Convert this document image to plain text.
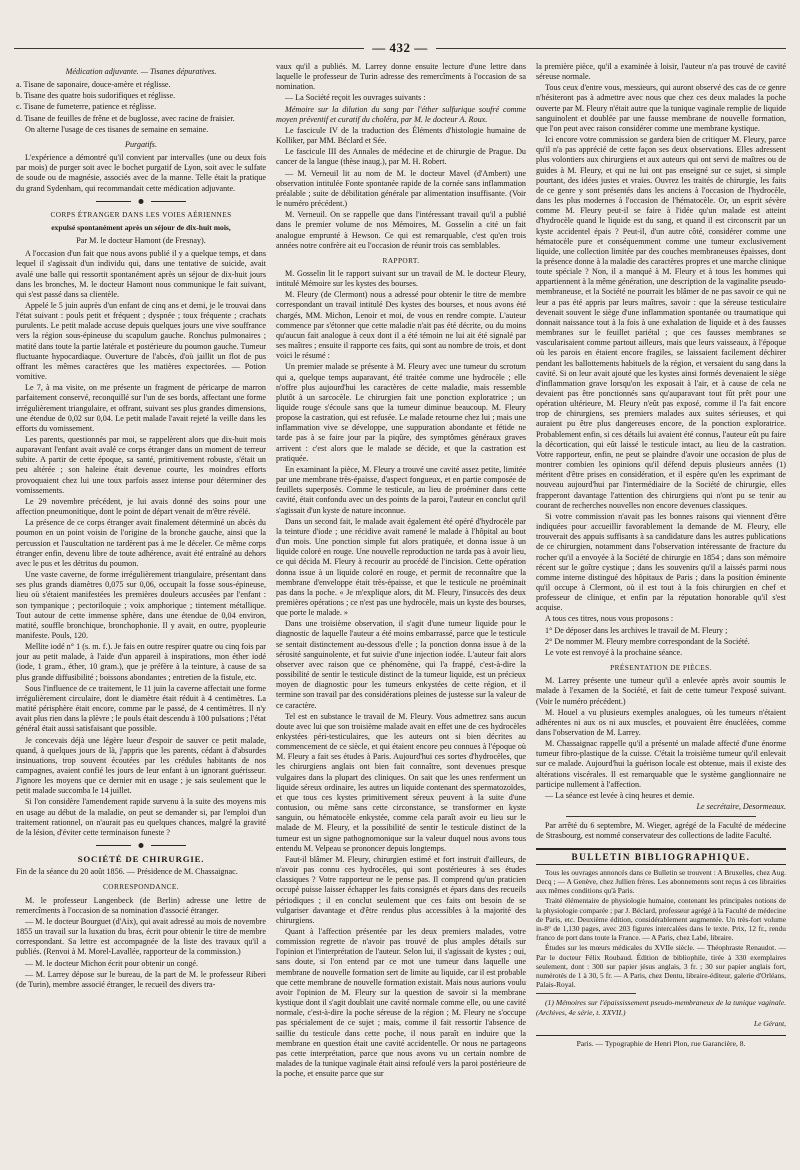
— 432 —

Médication adjuvante. — Tisanes dépuratives.

a. Tisane de saponaire, douce-amère et réglisse.

b. Tisane des quatre bois sudorifiques et réglisse.

c. Tisane de fumeterre, patience et réglisse.

d. Tisane de feuilles de frêne et de buglosse, avec racine de fraisier.

On alterne l'usage de ces tisanes de semaine en semaine.

Purgatifs.

L'expérience a démontré qu'il convient par intervalles (une ou deux fois par mois) de purger soit avec le bochet purgatif de Lyon, soit avec le sulfate de soude ou de magnésie, associés avec de la manne. Telle était la pratique du grand Sydenham, qui recommandait cette médication adjuvante.

CORPS ÉTRANGER DANS LES VOIES AÉRIENNES

expulsé spontanément après un séjour de dix-huit mois,

Par M. le docteur Hamont (de Fresnay).

A l'occasion d'un fait que nous avons publié il y a quelque temps, et dans lequel il s'agissait d'un individu qui, dans une tentative de suicide, avait avalé une balle qui ressortit spontanément après un séjour de dix-huit jours dans les bronches, M. le docteur Hamont nous communique le fait suivant, qui s'est passé dans sa clientèle.

Appelé le 5 juin auprès d'un enfant de cinq ans et demi, je le trouvai dans l'état suivant : pouls petit et fréquent ; dyspnée ; toux fréquente ; crachats purulents. Le petit malade accuse depuis quelques jours une vive souffrance vers la région sous-épineuse du scapulum gauche. Ronchus pulmonaires ; matité dans toute la partie latérale et postérieure du poumon gauche. Tumeur fluctuante hypocardiaque. Ouverture de l'abcès, d'où jaillit un flot de pus offrant les mêmes caractères que les matières expectorées. — Potion vomitive.

Le 7, à ma visite, on me présente un fragment de péricarpe de marron parfaitement conservé, reconquillé sur l'un de ses bords, affectant une forme irrégulièrement triangulaire, et offrant, suivant ses plus grandes dimensions, une étendue de 0,02 sur 0,04. Le petit malade l'avait rejeté la veille dans les efforts du vomissement.

Les parents, questionnés par moi, se rappelèrent alors que dix-huit mois auparavant l'enfant avait avalé ce corps étranger dans un moment de terreur subite. A partir de cette époque, sa santé, primitivement robuste, s'était un peu altérée ; son haleine était devenue courte, les moindres efforts provoquaient chez lui une toux parfois assez intense pour déterminer des vomissements.

Le 29 novembre précédent, je lui avais donné des soins pour une affection pneumonitique, dont le point de départ venait de m'être révélé.

La présence de ce corps étranger avait finalement déterminé un abcès du poumon en un point voisin de l'origine de la bronche gauche, ainsi que la percussion et l'auscultation ne tardèrent pas à me le déceler. Ce même corps étranger enfin, devenu libre de toute adhérence, avait été entraîné au dehors avec le pus et les détritus du poumon.

Une vaste caverne, de forme irrégulièrement triangulaire, présentant dans ses plus grands diamètres 0,075 sur 0,06, occupait la fosse sous-épineuse, lieu où s'étaient manifestées les premières douleurs accusées par l'enfant : son tympanique ; pectoriloquie ; voix amphorique ; tintement métallique. Tout autour de cette immense sphère, dans une étendue de 0,04 environ, matité, souffle bronchique, bronchophonie. Il y avait, en outre, pyopleurie manifeste. Pouls, 120.

Mellite iodé n° 1 (s. m. f.). Je fais en outre respirer quatre ou cinq fois par jour au petit malade, à l'aide d'un appareil à inspirations, mon éther iodé (iode, 1 gram., éther, 10 gram.), que je préfère à la teinture, à cause de sa plus grande diffusibilité ; boissons abondantes ; entretien de la fistule, etc.

Sous l'influence de ce traitement, le 11 juin la caverne affectait une forme irrégulièrement circulaire, dont le diamètre était réduit à 4 centimètres. La matité périsphère était encore, comme par le passé, de 4 centimètres. Il n'y avait plus rien dans la plèvre ; le pouls était descendu à 100 pulsations ; l'état général était aussi satisfaisant que possible.

Je concevais déjà une légère lueur d'espoir de sauver ce petit malade, quand, à quelques jours de là, j'appris que les parents, cédant à d'absurdes insinuations, trop souvent écoutées par les crédules habitants de nos campagnes, avaient confié les jours de leur enfant à un ignorant guérisseur. J'ignore les moyens que ce dernier mit en usage ; je sais seulement que le petit malade succomba le 14 juillet.

Si l'on considère l'amendement rapide survenu à la suite des moyens mis en usage au début de la maladie, on peut se demander si, par l'emploi d'un traitement rationnel, on n'aurait pas eu quelques chances, malgré la gravité de la lésion, d'éviter cette terminaison funeste ?

SOCIÉTÉ DE CHIRURGIE.

Fin de la séance du 20 août 1856. — Présidence de M. Chassaignac.

CORRESPONDANCE.

M. le professeur Langenbeck (de Berlin) adresse une lettre de remercîments à l'occasion de sa nomination d'associé étranger.

— M. le docteur Bourguet (d'Aix), qui avait adressé au mois de novembre 1855 un travail sur la luxation du bras, écrit pour obtenir le titre de membre correspondant. Sa lettre est accompagnée de la liste des travaux qu'il a publiés. (Renvoi à M. Morel-Lavallée, rapporteur de la commission.)

— M. le docteur Michon écrit pour obtenir un congé.

— M. Larrey dépose sur le bureau, de la part de M. le professeur Riberi (de Turin), membre associé étranger, le recueil des divers tra-

vaux qu'il a publiés. M. Larrey donne ensuite lecture d'une lettre dans laquelle le professeur de Turin adresse des remercîments à l'occasion de sa nomination.

— La Société reçoit les ouvrages suivants :

Mémoire sur la dilution du sang par l'éther sulfurique soufré comme moyen préventif et curatif du choléra, par M. le docteur A. Roux.

Le fascicule IV de la traduction des Éléments d'histologie humaine de Kolliker, par MM. Béclard et Sée.

Le fascicule III des Annales de médecine et de chirurgie de Prague. Du cancer de la langue (thèse inaug.), par M. H. Robert.

— M. Verneuil lit au nom de M. le docteur Mavel (d'Ambert) une observation intitulée Fonte spontanée rapide de la cornée sans inflammation préalable ; suite de débilitation générale par alimentation insuffisante. (Voir le numéro précédent.)

M. Verneuil. On se rappelle que dans l'intéressant travail qu'il a publié dans le premier volume de nos Mémoires, M. Gosselin a cité un fait analogue emprunté à Hewson. Ce qui est remarquable, c'est qu'en trois années notre confrère ait eu l'occasion de réunir trois cas semblables.

RAPPORT.

M. Gosselin lit le rapport suivant sur un travail de M. le docteur Fleury, intitulé Mémoire sur les kystes des bourses.

M. Fleury (de Clermont) nous a adressé pour obtenir le titre de membre correspondant un travail intitulé Des kystes des bourses, et nous avons été chargés, MM. Michon, Lenoir et moi, de vous en rendre compte. L'auteur commence par s'étonner que cette maladie n'ait pas été décrite, ou du moins qu'aucun fait analogue à ceux dont il a été témoin ne lui ait été signalé par ses maîtres ; ensuite il rapporte ces faits, qui sont au nombre de trois, et dont voici le résumé :

Un premier malade se présente à M. Fleury avec une tumeur du scrotum qui a, quelque temps auparavant, été traitée comme une hydrocèle ; elle n'offre plus aujourd'hui les caractères de cette maladie, mais ressemble plutôt à un sarcocèle. Le chirurgien fait une ponction exploratrice ; un liquide rouge s'écoule sans que la tumeur diminue beaucoup. M. Fleury propose la castration, qui est refusée. Le malade retourne chez lui ; mais une inflammation vive se développe, une suppuration abondante et fétide ne tarde pas à se faire jour par la piqûre, des symptômes généraux graves arrivent : c'est alors que le malade se décide, et que la castration est pratiquée.

En examinant la pièce, M. Fleury a trouvé une cavité assez petite, limitée par une membrane très-épaisse, d'aspect fongueux, et en partie composée de feuillets superposés. Comme le testicule, au lieu de proéminer dans cette cavité, était confondu avec un des points de la paroi, l'auteur en conclut qu'il s'agissait d'un kyste de nature inconnue.

Dans un second fait, le malade avait également été opéré d'hydrocèle par la teinture d'iode ; une récidive avait ramené le malade à l'hôpital au bout d'un mois. Une ponction simple fut alors pratiquée, et donna issue à un liquide coloré en rouge. Une nouvelle reproduction ne tarda pas à avoir lieu, ce qui décida M. Fleury à recourir au procédé de l'incision. Cette opération donna issue à un liquide coloré en rouge, et permit de reconnaître que la membrane d'enveloppe était très-épaisse, et que le testicule ne proéminait pas dans la poche. « Je m'explique alors, dit M. Fleury, l'insuccès des deux premières opérations ; ce n'est pas une hydrocèle, mais un kyste des bourses, que porte le malade. »

Dans une troisième observation, il s'agit d'une tumeur liquide pour le diagnostic de laquelle l'auteur a été moins embarrassé, parce que le testicule se sentait distinctement au-dessous d'elle ; la ponction donna issue à de la sérosité sanguinolente, et fut suivie d'une injection iodée. L'auteur fait alors observer avec raison que ce phénomène, qui l'a frappé, c'est-à-dire la possibilité de sentir le testicule distinct de la tumeur liquide, est un précieux moyen de diagnostic pour les tumeurs enkystées de cette région, et il termine son travail par des considérations pleines de justesse sur la valeur de ce caractère.

Tel est en substance le travail de M. Fleury. Vous admettrez sans aucun doute avec lui que son troisième malade avait en effet une de ces hydrocèles enkystées péri-testiculaires, que les auteurs ont si bien décrites au commencement de ce siècle, et qui étaient encore peu connues à l'époque où M. Fleury a fait ses études à Paris. Aujourd'hui ces sortes d'hydrocèles, que les chirurgiens anglais ont bien fait connaître, sont devenues presque vulgaires dans la plupart des cliniques. On sait que les unes renferment un liquide séreux ordinaire, les autres un liquide contenant des spermatozoïdes, et que tous ces kystes primitivement séreux peuvent à la suite d'une contusion, ou même sans cette circonstance, se transformer en kyste sanguin, ou hématocèle enkystée, comme cela paraît avoir eu lieu sur le malade de M. Fleury, et la possibilité de sentir le testicule distinct de la tumeur est un signe pathognomonique sur la valeur duquel nous avons tous entendu M. Velpeau se prononcer depuis longtemps.

Faut-il blâmer M. Fleury, chirurgien estimé et fort instruit d'ailleurs, de n'avoir pas connu ces hydrocèles, qui sont postérieures à ses études classiques ? Votre rapporteur ne le pense pas. Il comprend qu'un praticien occupé puisse laisser échapper les faits consignés et épars dans des recueils périodiques ; il en conclut seulement que ces faits ont besoin de se vulgariser davantage et d'être rendus plus accessibles à la majorité des chirurgiens.

Quant à l'affection présentée par les deux premiers malades, votre commission regrette de n'avoir pas trouvé de plus amples détails sur l'opinion et l'interprétation de l'auteur. Selon lui, il s'agissait de kystes ; oui, sans doute, si l'on entend par ce mot une tumeur dans laquelle une membrane de nouvelle formation sert de limite au liquide, car il est probable que cette membrane de nouvelle formation existait. Mais nous aurions voulu avoir l'opinion de M. Fleury sur la question de savoir si la membrane kystique dont il s'agit doublait une cavité normale comme elle, ou une cavité normale, c'est-à-dire la poche séreuse de la région ; M. Fleury ne s'occupe pas spécialement de ce sujet ; mais, comme il fait ressortir l'absence de saillie du testicule dans cette poche, il nous paraît en induire que la membrane en question était une cavité accidentelle. Or nous ne partageons pas cette interprétation, parce que nous avons vu un certain nombre de malades de la tunique vaginale était ainsi refoulé vers la paroi postérieure de la poche, et ensuite parce que sur

la première pièce, qu'il a examinée à loisir, l'auteur n'a pas trouvé de cavité séreuse normale.

Tous ceux d'entre vous, messieurs, qui auront observé des cas de ce genre n'hésiteront pas à admettre avec nous que chez ces deux malades la poche ouverte par M. Fleury n'était autre que la tunique vaginale remplie de liquide sanguinolent et doublée par une fausse membrane de nouvelle formation, que l'on peut avec raison considérer comme une membrane kystique.

Ici encore votre commission se gardera bien de critiquer M. Fleury, parce qu'il n'a pas apprécié de cette façon ses deux observations. Elles adressent plus volontiers aux chirurgiens et aux auteurs qui ont servi de maîtres ou de guides à M. Fleury, et qui ne lui ont pas enseigné sur ce sujet, si simple pourtant, des idées justes et vraies. Ouvrez les traités de chirurgie, les faits de ce genre y sont présentés dans les anciens à l'occasion de l'hydrocèle, dans les plus modernes à l'occasion de l'hématocèle. Or, un esprit sévère comme M. Fleury peut-il se faire à l'idée qu'un malade est atteint d'hydrocèle quand le liquide est du sang, et quand il est circonscrit par un kyste accidentel épais ? Peut-il, d'un autre côté, considérer comme une hématocèle pure et conséquemment comme une tumeur exclusivement liquide, une collection limitée par des couches membraneuses épaisses, dont la présence donne à la maladie des caractères propres et une marche clinique toute spéciale ? Non, il a manqué à M. Fleury et à tous les hommes qui appartiennent à la même génération, une description de la vaginalite pseudo-membraneuse, et la Société ne pourrait les blâmer de ne pas savoir ce qui ne leur a pas été appris par leurs maîtres, savoir : que la séreuse testiculaire devenait souvent le siège d'une inflammation spontanée ou traumatique qui donnait naissance tout à la fois à une exhalation de liquide et à des fausses membranes sur le feuillet pariétal ; que ces fausses membranes se vascularisaient comme partout ailleurs, mais que leurs vaisseaux, à l'époque où les parois en étaient encore fragiles, se laissaient facilement déchirer pendant les ballottements habituels de la région, et versaient du sang dans la cavité. Si on leur avait ajouté que les kystes ainsi formés devenaient le siège d'inflammation grave lorsqu'on les exposait à l'air, et à cause de cela ne devaient pas être ponctionnés sans qu'auparavant tout fût prêt pour une opération ultérieure, M. Fleury n'eût pas exposé, comme il l'a fait encore trop de chirurgiens, ses premiers malades aux suites sérieuses, et qui auraient pu être plus dangereuses encore, de la ponction exploratrice. Probablement enfin, si ces détails lui avaient été connus, l'auteur eût pu faire la décortication, qui eût laissé le testicule intact, au lieu de la castration. Votre rapporteur, enfin, ne peut se plaindre d'avoir une occasion de plus de montrer combien les opinions qu'il défend depuis plusieurs années (1) méritent d'être prises en considération, et il espère qu'en les exprimant de nouveau aujourd'hui par l'intermédiaire de la Société de chirurgie, elles frapperont davantage l'attention des chirurgiens qui n'ont pu se tenir au courant de recherches nouvelles non encore devenues classiques.

Si votre commission n'avait pas les bonnes raisons qui viennent d'être indiquées pour accueillir favorablement la demande de M. Fleury, elle trouverait des appuis suffisants à sa candidature dans les autres publications de ce chirurgien, notamment dans l'observation intéressante de fracture du rocher qu'il a envoyée à la Société de chirurgie en 1854 ; dans son mémoire récent sur le goître cystique ; dans les souvenirs qu'il a laissés parmi nous comme interne distingué des hôpitaux de Paris ; dans la position éminente qu'il occupe à Clermont, où il est tout à la fois chirurgien en chef et professeur de clinique, et enfin par la réputation honorable qu'il s'est acquise.

A tous ces titres, nous vous proposons :

1° De déposer dans les archives le travail de M. Fleury ;

2° De nommer M. Fleury membre correspondant de la Société.

Le vote est renvoyé à la prochaine séance.

PRÉSENTATION DE PIÈCES.

M. Larrey présente une tumeur qu'il a enlevée après avoir soumis le malade à l'examen de la Société, et fait de cette tumeur l'exposé suivant. (Voir le numéro précédent.)

M. Houel a vu plusieurs exemples analogues, où les tumeurs n'étaient adhérentes ni aux os ni aux muscles, et pouvaient être énucléées, comme dans l'observation de M. Larrey.

M. Chassaignac rappelle qu'il a présenté un malade affecté d'une énorme tumeur fibro-plastique de la cuisse. C'était la troisième tumeur qu'il enlevait sur ce malade. Aujourd'hui la guérison locale est obtenue, mais il existe des altérations viscérales. Il est remarquable que le système ganglionnaire ne participe nullement à l'affection.

— La séance est levée à cinq heures et demie.

Le secrétaire, Desormeaux.

Par arrêté du 6 septembre, M. Wieger, agrégé de la Faculté de médecine de Strasbourg, est nommé conservateur des collections de ladite Faculté.

BULLETIN BIBLIOGRAPHIQUE.

Tous les ouvrages annoncés dans ce Bulletin se trouvent : A Bruxelles, chez Aug. Decq ; — A Genève, chez Jullien frères. Les abonnements sont reçus à ces librairies aux mêmes conditions qu'à Paris.

Traité élémentaire de physiologie humaine, contenant les principales notions de la physiologie comparée ; par J. Béclard, professeur agrégé à la Faculté de médecine de Paris, etc. Deuxième édition, considérablement augmentée. Un très-fort volume in-8° de 1,130 pages, avec 203 figures intercalées dans le texte. Prix, 12 fr., rendu franco de port dans toute la France. — A Paris, chez Labé, libraire.

Études sur les mœurs médicales du XVIIe siècle. — Théophraste Renaudot. — Par le docteur Félix Roubaud. Édition de bibliophile, tirée à 330 exemplaires seulement, dont : 300 sur papier jésus anglais, 3 fr. ; 30 sur papier anglais fort, numérotés de 1 à 30, 5 fr. — A Paris, chez Dentu, libraire-éditeur, galerie d'Orléans, Palais-Royal.

(1) Mémoires sur l'épaississement pseudo-membraneux de la tunique vaginale. (Archives, 4e série, t. XXVII.)

Le Gérant,

Paris. — Typographie de Henri Plon, rue Garancière, 8.
